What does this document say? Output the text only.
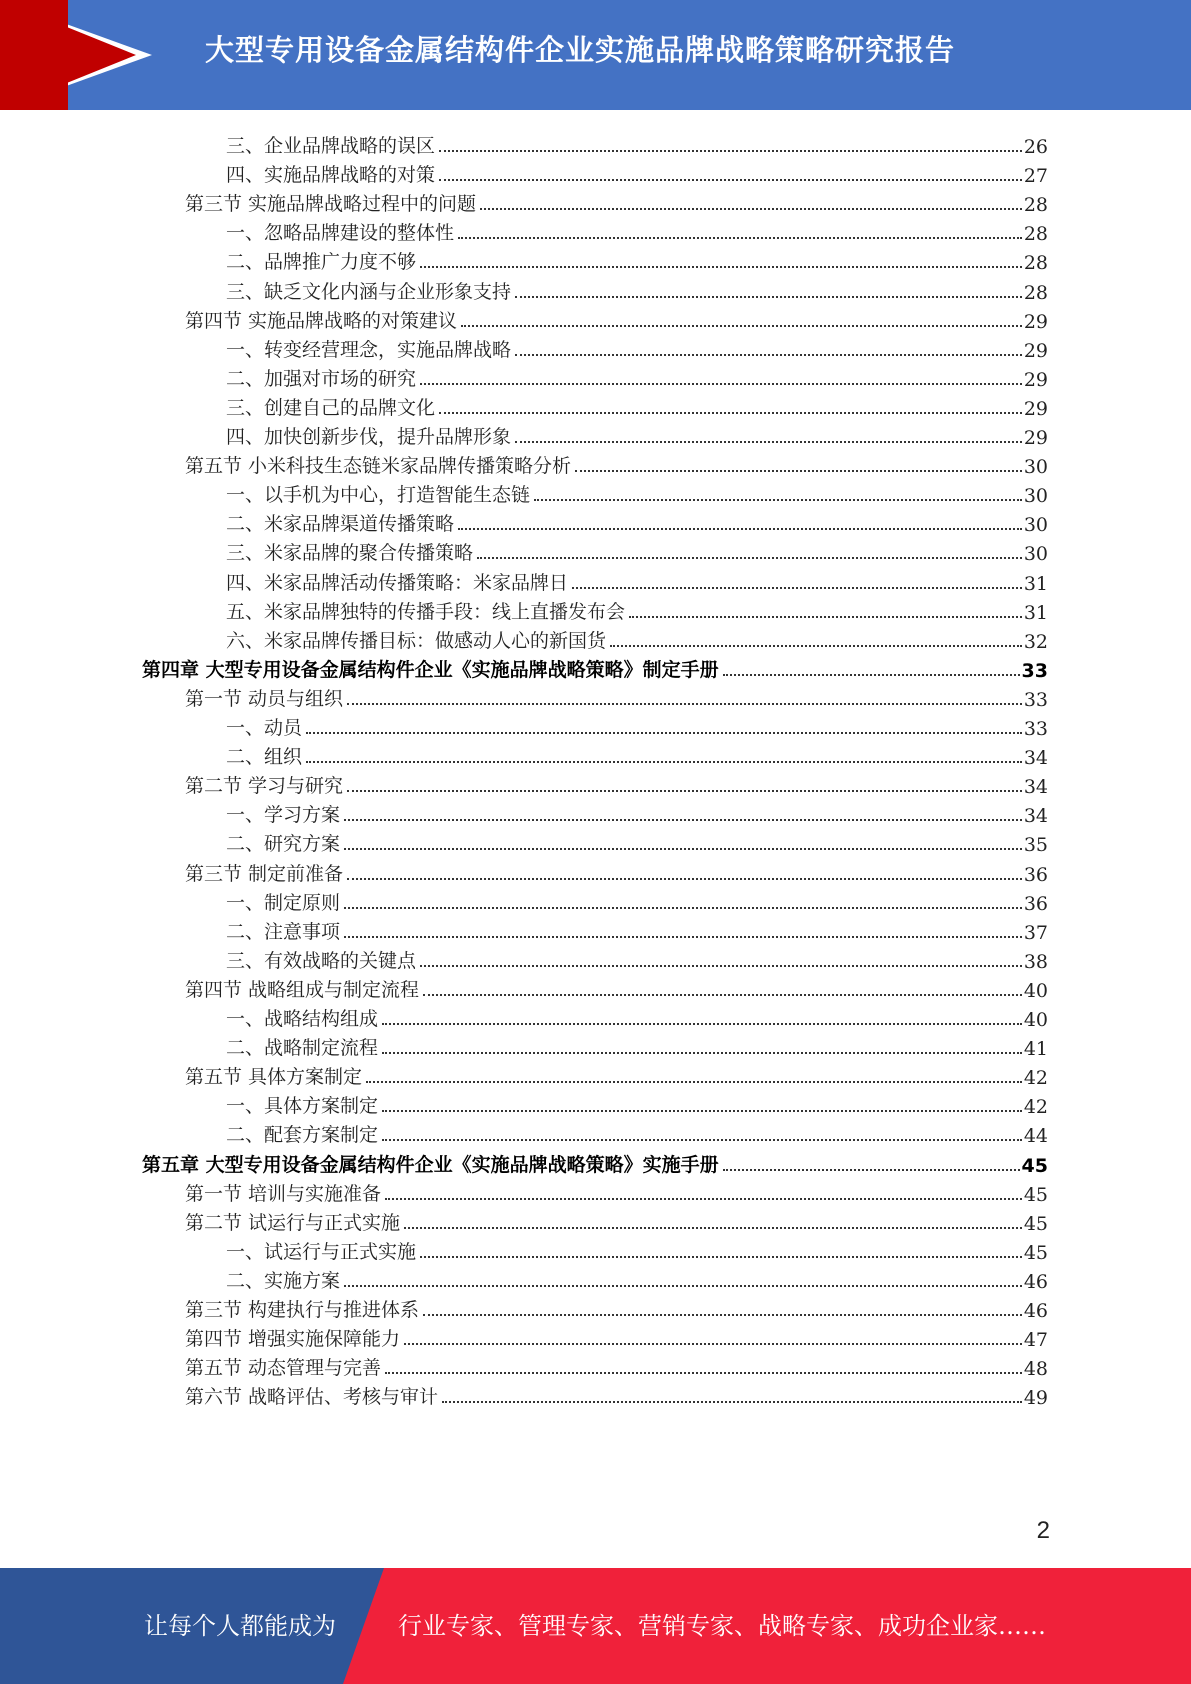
大型专用设备金属结构件企业实施品牌战略策略研究报告
三、企业品牌战略的误区	26
四、实施品牌战略的对策	27
第三节 实施品牌战略过程中的问题	28
一、忽略品牌建设的整体性	28
二、品牌推广力度不够	28
三、缺乏文化内涵与企业形象支持	28
第四节 实施品牌战略的对策建议	29
一、转变经营理念，实施品牌战略	29
二、加强对市场的研究	29
三、创建自己的品牌文化	29
四、加快创新步伐，提升品牌形象	29
第五节 小米科技生态链米家品牌传播策略分析	30
一、以手机为中心，打造智能生态链	30
二、米家品牌渠道传播策略	30
三、米家品牌的聚合传播策略	30
四、米家品牌活动传播策略：米家品牌日	31
五、米家品牌独特的传播手段：线上直播发布会	31
六、米家品牌传播目标：做感动人心的新国货	32
第四章 大型专用设备金属结构件企业《实施品牌战略策略》制定手册	33
第一节 动员与组织	33
一、动员	33
二、组织	34
第二节 学习与研究	34
一、学习方案	34
二、研究方案	35
第三节 制定前准备	36
一、制定原则	36
二、注意事项	37
三、有效战略的关键点	38
第四节 战略组成与制定流程	40
一、战略结构组成	40
二、战略制定流程	41
第五节 具体方案制定	42
一、具体方案制定	42
二、配套方案制定	44
第五章 大型专用设备金属结构件企业《实施品牌战略策略》实施手册	45
第一节 培训与实施准备	45
第二节 试运行与正式实施	45
一、试运行与正式实施	45
二、实施方案	46
第三节 构建执行与推进体系	46
第四节 增强实施保障能力	47
第五节 动态管理与完善	48
第六节 战略评估、考核与审计	49
2
让每个人都能成为	行业专家、管理专家、营销专家、战略专家、成功企业家……
